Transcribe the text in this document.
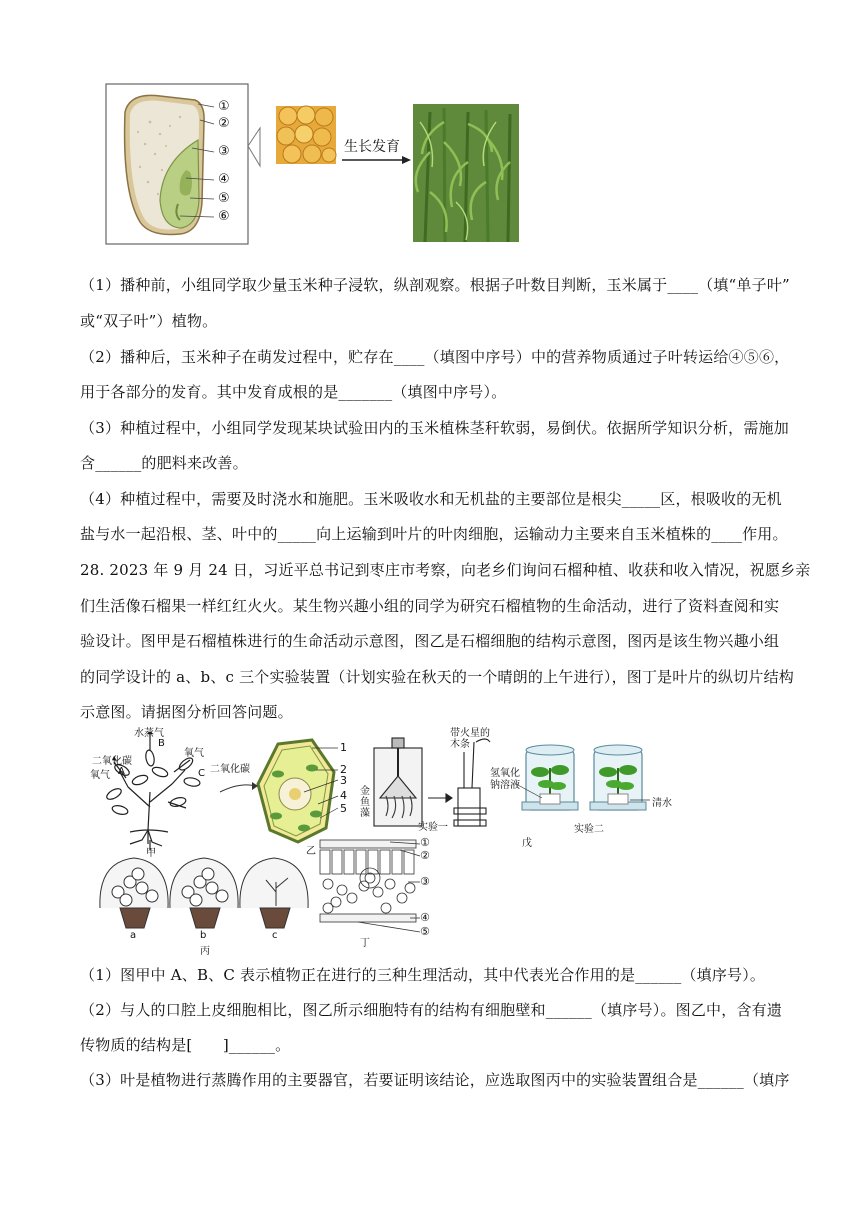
①
②
③
④
⑤
⑥
生长发育
（1）播种前，小组同学取少量玉米种子浸软，纵剖观察。根据子叶数目判断，玉米属于____（填“单子叶”
或“双子叶”）植物。
（2）播种后，玉米种子在萌发过程中，贮存在____（填图中序号）中的营养物质通过子叶转运给④⑤⑥，
用于各部分的发育。其中发育成根的是_______（填图中序号）。
（3）种植过程中，小组同学发现某块试验田内的玉米植株茎秆软弱，易倒伏。依据所学知识分析，需施加
含______的肥料来改善。
（4）种植过程中，需要及时浇水和施肥。玉米吸收水和无机盐的主要部位是根尖_____区，根吸收的无机
盐与水一起沿根、茎、叶中的_____向上运输到叶片的叶肉细胞，运输动力主要来自玉米植株的____作用。
28. 2023 年 9 月 24 日，习近平总书记到枣庄市考察，向老乡们询问石榴种植、收获和收入情况，祝愿乡亲
们生活像石榴果一样红红火火。某生物兴趣小组的同学为研究石榴植物的生命活动，进行了资料查阅和实
验设计。图甲是石榴植株进行的生命活动示意图，图乙是石榴细胞的结构示意图，图丙是该生物兴趣小组
的同学设计的 a、b、c 三个实验装置（计划实验在秋天的一个晴朗的上午进行），图丁是叶片的纵切片结构
示意图。请据图分析回答问题。
水蒸气
B
二氧化碳
氧气 A
氧气
二氧化碳
C
甲
1
2
3
4
5
乙
带火星的木条
金鱼藻
实验一
氢氧化钠溶液
清水
实验二
戊
a	b	c
丙
①
②
③
④
⑤
丁
（1）图甲中 A、B、C 表示植物正在进行的三种生理活动，其中代表光合作用的是______（填序号）。
（2）与人的口腔上皮细胞相比，图乙所示细胞特有的结构有细胞壁和______（填序号）。图乙中，含有遗
传物质的结构是[　　]______。
（3）叶是植物进行蒸腾作用的主要器官，若要证明该结论，应选取图丙中的实验装置组合是______（填序
